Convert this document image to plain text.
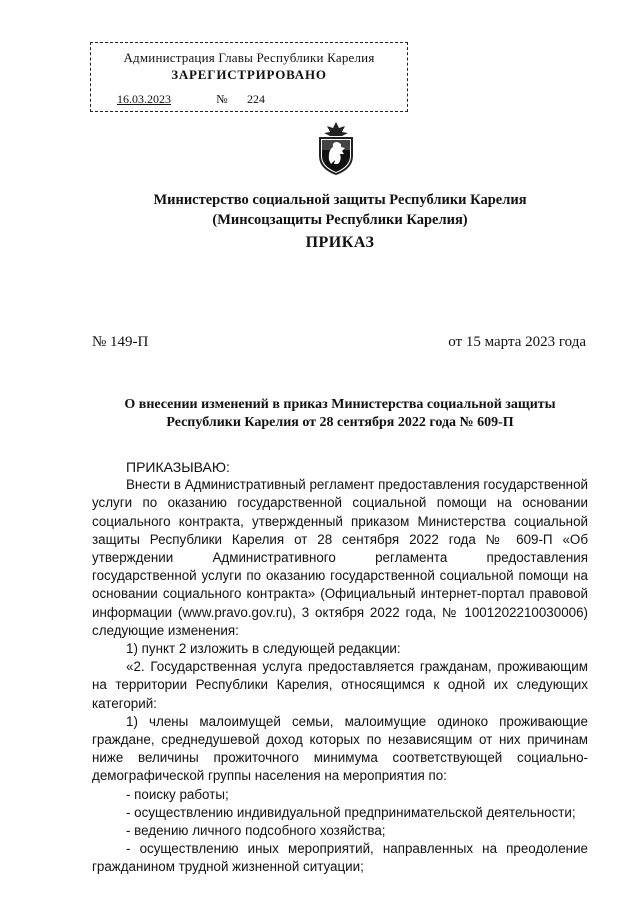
Администрация Главы Республики Карелия
ЗАРЕГИСТРИРОВАНО
16.03.2023	№ 224
Министерство социальной защиты Республики Карелия
(Минсоцзащиты Республики Карелия)
ПРИКАЗ
№ 149-П	от 15 марта 2023 года
О внесении изменений в приказ Министерства социальной защиты
Республики Карелия от 28 сентября 2022 года № 609-П

ПРИКАЗЫВАЮ:

Внести в Административный регламент предоставления государственной услуги по оказанию государственной социальной помощи на основании социального контракта, утвержденный приказом Министерства социальной защиты Республики Карелия от 28 сентября 2022 года № 609-П «Об утверждении Административного регламента предоставления государственной услуги по оказанию государственной социальной помощи на основании социального контракта» (Официальный интернет-портал правовой информации (www.pravo.gov.ru), 3 октября 2022 года, № 1001202210030006) следующие изменения:

1) пункт 2 изложить в следующей редакции:

«2. Государственная услуга предоставляется гражданам, проживающим на территории Республики Карелия, относящимся к одной их следующих категорий:

1) члены малоимущей семьи, малоимущие одиноко проживающие граждане, среднедушевой доход которых по независящим от них причинам ниже величины прожиточного минимума соответствующей социально-демографической группы населения на мероприятия по:

- поиску работы;

- осуществлению индивидуальной предпринимательской деятельности;

- ведению личного подсобного хозяйства;

- осуществлению иных мероприятий, направленных на преодоление гражданином трудной жизненной ситуации;
